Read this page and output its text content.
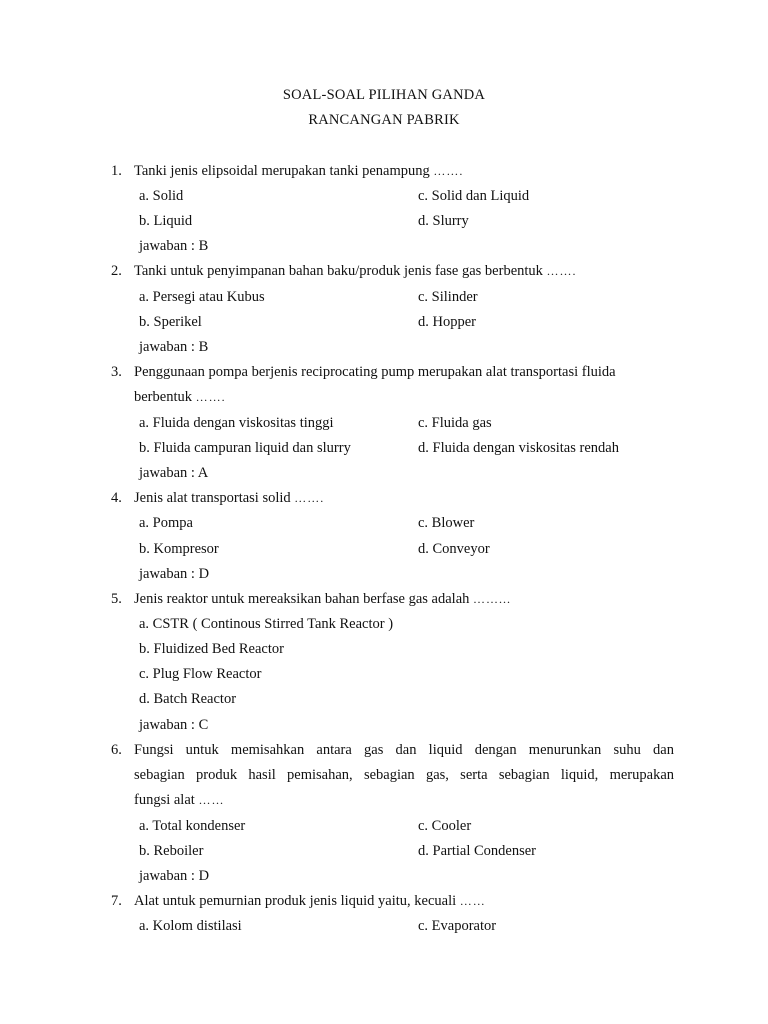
SOAL-SOAL PILIHAN GANDA
RANCANGAN PABRIK
1. Tanki jenis elipsoidal merupakan tanki penampung …….
a. Solid	c. Solid dan Liquid
b. Liquid	d. Slurry
jawaban : B
2. Tanki untuk penyimpanan bahan baku/produk jenis fase gas berbentuk …….
a. Persegi atau Kubus	c. Silinder
b. Sperikel	d. Hopper
jawaban : B
3. Penggunaan pompa berjenis reciprocating pump merupakan alat transportasi fluida
berbentuk …….
a. Fluida dengan viskositas tinggi	c. Fluida gas
b. Fluida campuran liquid dan slurry	d. Fluida dengan viskositas rendah
jawaban : A
4. Jenis alat transportasi solid …….
a. Pompa	c. Blower
b. Kompresor	d. Conveyor
jawaban : D
5. Jenis reaktor untuk mereaksikan bahan berfase gas adalah ……...
a. CSTR ( Continous Stirred Tank Reactor )
b. Fluidized Bed Reactor
c. Plug Flow Reactor
d. Batch Reactor
jawaban : C
6. Fungsi untuk memisahkan antara gas dan liquid dengan menurunkan suhu dan
sebagian produk hasil pemisahan, sebagian gas, serta sebagian liquid, merupakan
fungsi alat ……
a. Total kondenser	c. Cooler
b. Reboiler	d. Partial Condenser
jawaban : D
7. Alat untuk pemurnian produk jenis liquid yaitu, kecuali ……
a. Kolom distilasi	c. Evaporator
